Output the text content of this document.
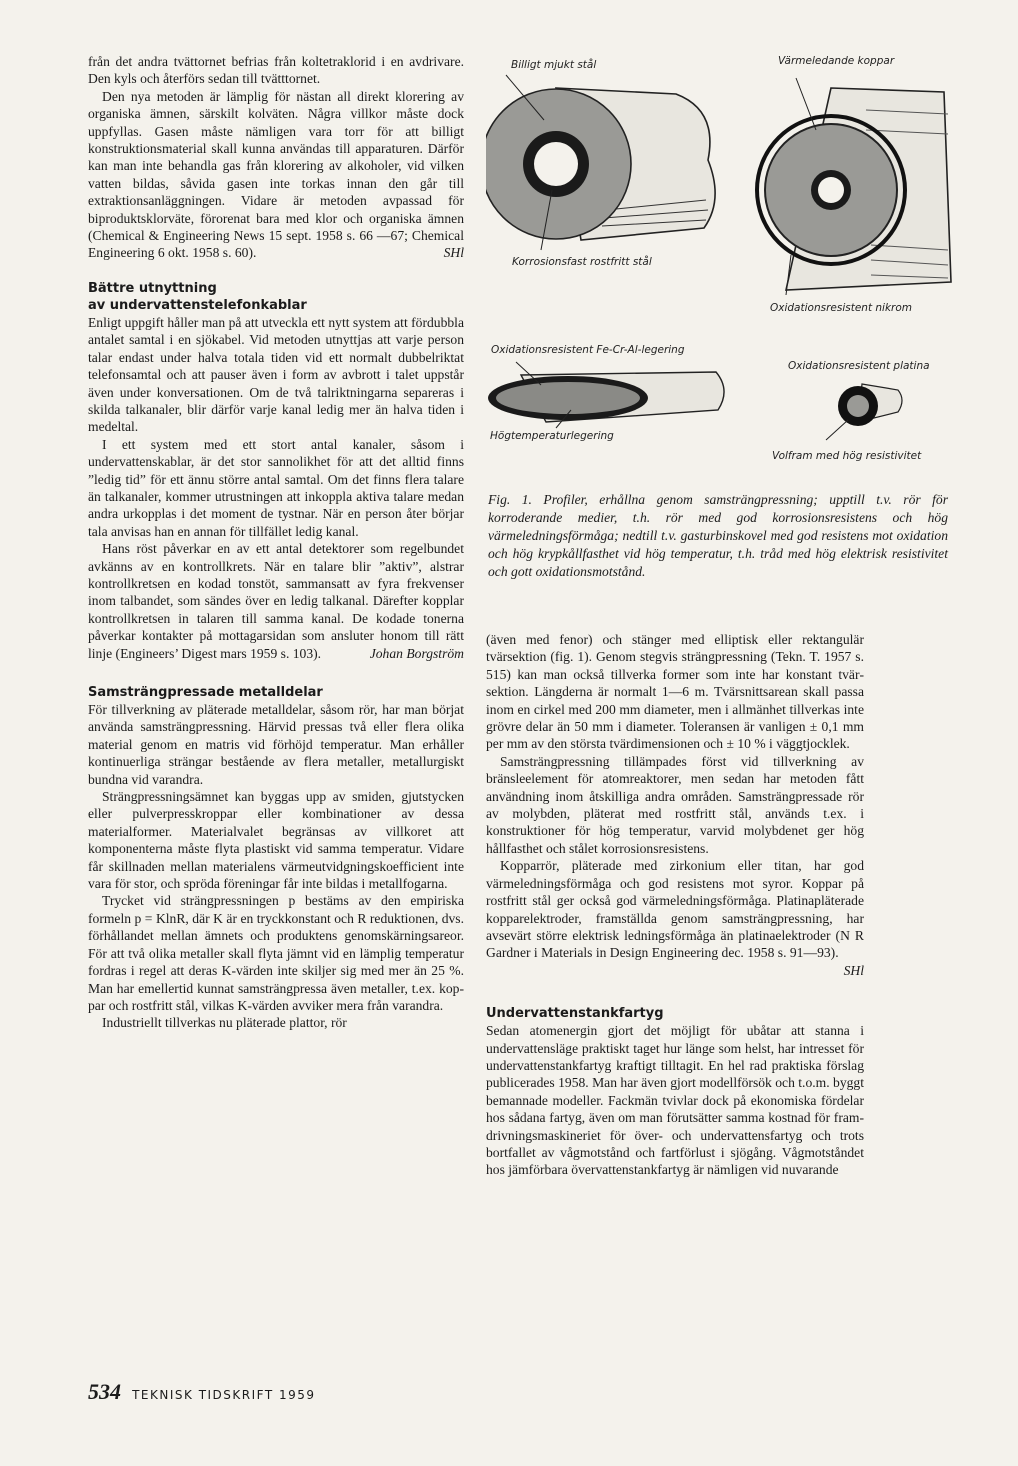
från det andra tvättornet befrias från koltetraklorid i en avdrivare. Den kyls och återförs sedan till tvätttornet.

Den nya metoden är lämplig för nästan all direkt klorering av organiska ämnen, särskilt kolväten. Några villkor måste dock uppfyllas. Gasen måste nämligen vara torr för att billigt konstruktionsmaterial skall kunna användas till apparaturen. Därför kan man inte behandla gas från klorering av alkoholer, vid vilken vatten bildas, såvida gasen inte torkas innan den går till extraktionsanläggningen. Vidare är metoden avpassad för biproduktsklorväte, förorenat bara med klor och organiska ämnen (Chemical & Engineering News 15 sept. 1958 s. 66 —67; Chemical Engineering 6 okt. 1958 s. 60).	SHl

Bättre utnyttning
av undervattenstelefonkablar

Enligt uppgift håller man på att utveckla ett nytt system att fördubbla antalet samtal i en sjökabel. Vid metoden utnyttjas att varje person talar endast under halva totala tiden vid ett normalt dubbelriktat telefonsamtal och att pauser även i form av avbrott i talet uppstår även under konversationen. Om de två talriktningarna separeras i skilda talkanaler, blir därför varje kanal ledig mer än halva tiden i medeltal.

I ett system med ett stort antal kanaler, såsom i undervattenskablar, är det stor sannolikhet för att det alltid finns ”ledig tid” för ett ännu större antal samtal. Om det finns flera talare än talkanaler, kommer utrustningen att inkoppla aktiva talare medan andra urkopplas i det moment de tystnar. När en person åter börjar tala anvisas han en annan för tillfället ledig kanal.

Hans röst påverkar en av ett antal detektorer som regelbundet avkänns av en kontrollkrets. När en talare blir ”aktiv”, alstrar kontrollkretsen en kodad tonstöt, sammansatt av fyra frekvenser inom talbandet, som sändes över en ledig talkanal. Därefter kopplar kontrollkretsen in talaren till samma kanal. De kodade tonerna påverkar kontakter på mottagarsidan som ansluter honom till rätt linje (Engineers’ Digest mars 1959 s. 103).	Johan Borgström

Samsträngpressade metalldelar

För tillverkning av pläterade metalldelar, såsom rör, har man börjat använda samsträngpressning. Härvid pressas två eller flera olika material genom en matris vid förhöjd temperatur. Man erhåller kontinuerliga strängar bestående av flera metaller, metallurgiskt bundna vid varandra.

Strängpressningsämnet kan byggas upp av smiden, gjutstycken eller pulverpresskroppar eller kombinationer av dessa materialformer. Materialvalet begränsas av villkoret att komponenterna måste flyta plastiskt vid samma temperatur. Vidare får skillnaden mellan materialens värmeutvidgningskoefficient inte vara för stor, och spröda föreningar får inte bildas i metallfogarna.

Trycket vid strängpressningen p bestäms av den empiriska formeln p = KlnR, där K är en tryckkonstant och R reduktionen, dvs. förhållandet mellan ämnets och produktens genomskärningsareor. För att två olika metaller skall flyta jämnt vid en lämplig temperatur fordras i regel att deras K-värden inte skiljer sig med mer än 25 %. Man har emellertid kunnat samsträngpressa även metaller, t.ex. koppar och rostfritt stål, vilkas K-värden avviker mera från varandra.

Industriellt tillverkas nu pläterade plattor, rör

Billigt mjukt stål	Värmeledande koppar
Korrosionsfast rostfritt stål
Oxidationsresistent nikrom
Oxidationsresistent Fe-Cr-Al-legering
Oxidationsresistent platina
Högtemperaturlegering
Volfram med hög resistivitet
Fig. 1. Profiler, erhållna genom samsträngpressning; upptill t.v. rör för korroderande medier, t.h. rör med god korrosionsresistens och hög värmeledningsförmåga; nedtill t.v. gasturbinskovel med god resistens mot oxidation och hög krypkållfasthet vid hög temperatur, t.h. tråd med hög elektrisk resistivitet och gott oxidationsmotstånd.

(även med fenor) och stänger med elliptisk eller rektangulär tvärsektion (fig. 1). Genom stegvis strängpressning (Tekn. T. 1957 s. 515) kan man också tillverka former som inte har konstant tvärsektion. Längderna är normalt 1—6 m. Tvärsnittsarean skall passa inom en cirkel med 200 mm diameter, men i allmänhet tillverkas inte grövre delar än 50 mm i diameter. Toleransen är vanligen ± 0,1 mm per mm av den största tvärdimensionen och ± 10 % i väggtjocklek.

Samsträngpressning tillämpades först vid tillverkning av bränsleelement för atomreaktorer, men sedan har metoden fått användning inom åtskilliga andra områden. Samsträngpressade rör av molybden, pläterat med rostfritt stål, används t.ex. i konstruktioner för hög temperatur, varvid molybdenet ger hög hållfasthet och stålet korrosionsresistens.

Kopparrör, pläterade med zirkonium eller titan, har god värmeledningsförmåga och god resistens mot syror. Koppar på rostfritt stål ger också god värmeledningsförmåga. Platinapläterade kopparelektroder, framställda genom samsträngpressning, har avsevärt större elektrisk ledningsförmåga än platinaelektroder (N R Gardner i Materials in Design Engineering dec. 1958 s. 91—93).
SHl

Undervattenstankfartyg

Sedan atomenergin gjort det möjligt för ubåtar att stanna i undervattensläge praktiskt taget hur länge som helst, har intresset för undervattenstankfartyg kraftigt tilltagit. En hel rad praktiska förslag publicerades 1958. Man har även gjort modellförsök och t.o.m. byggt bemannade modeller. Fackmän tvivlar dock på ekonomiska fördelar hos sådana fartyg, även om man förutsätter samma kostnad för framdrivningsmaskineriet för över- och undervattensfartyg och trots bortfallet av vågmotstånd och fartförlust i sjögång. Vågmotståndet hos jämförbara övervattenstankfartyg är nämligen vid nuvarande

534 TEKNISK TIDSKRIFT 1959
